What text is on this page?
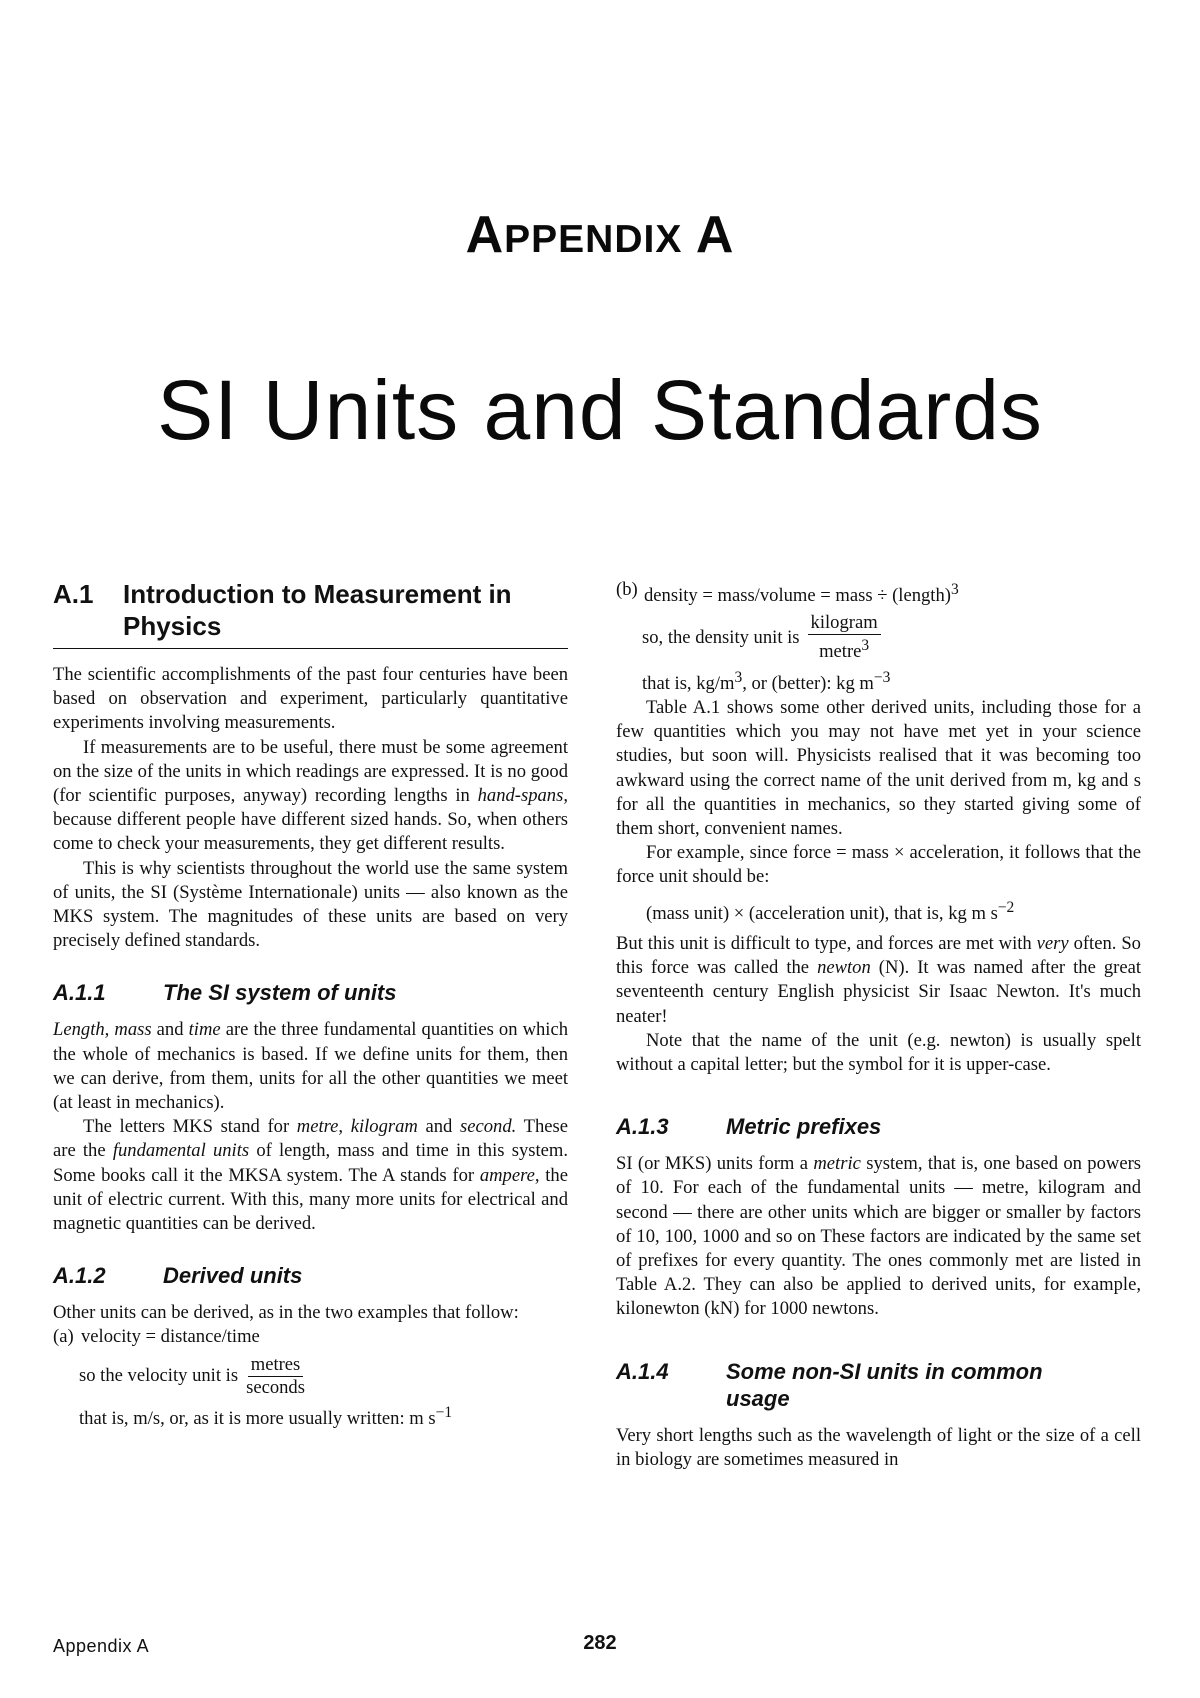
APPENDIX A
SI Units and Standards
A.1	Introduction to Measurement in
Physics

The scientific accomplishments of the past four centuries have been based on observation and experiment, particularly quantitative experiments involving measurements.

If measurements are to be useful, there must be some agreement on the size of the units in which readings are expressed. It is no good (for scientific purposes, anyway) recording lengths in hand-spans, because different people have different sized hands. So, when others come to check your measurements, they get different results.

This is why scientists throughout the world use the same system of units, the SI (Système Internationale) units — also known as the MKS system. The magnitudes of these units are based on very precisely defined standards.

A.1.1	The SI system of units

Length, mass and time are the three fundamental quantities on which the whole of mechanics is based. If we define units for them, then we can derive, from them, units for all the other quantities we meet (at least in mechanics).

The letters MKS stand for metre, kilogram and second. These are the fundamental units of length, mass and time in this system. Some books call it the MKSA system. The A stands for ampere, the unit of electric current. With this, many more units for electrical and magnetic quantities can be derived.

A.1.2	Derived units

Other units can be derived, as in the two examples that follow:

(a) velocity = distance/time
so the velocity unit is $\frac{\text{metres}}{\text{seconds}}$
that is, m/s, or, as it is more usually written: m $s^{-1}$
(b) density = mass/volume = mass ÷ (length)$^3$
so, the density unit is $\frac{\text{kilogram}}{metre^3}$
that is, $kg/m^3$, or (better): kg $m^{-3}$

Table A.1 shows some other derived units, including those for a few quantities which you may not have met yet in your science studies, but soon will. Physicists realised that it was becoming too awkward using the correct name of the unit derived from m, kg and s for all the quantities in mechanics, so they started giving some of them short, convenient names.

For example, since force = mass × acceleration, it follows that the force unit should be:

(mass unit) × (acceleration unit), that is, kg m $s^{-2}$

But this unit is difficult to type, and forces are met with very often. So this force was called the newton (N). It was named after the great seventeenth century English physicist Sir Isaac Newton. It's much neater!

Note that the name of the unit (e.g. newton) is usually spelt without a capital letter; but the symbol for it is upper-case.

A.1.3	Metric prefixes

SI (or MKS) units form a metric system, that is, one based on powers of 10. For each of the fundamental units — metre, kilogram and second — there are other units which are bigger or smaller by factors of 10, 100, 1000 and so on These factors are indicated by the same set of prefixes for every quantity. The ones commonly met are listed in Table A.2. They can also be applied to derived units, for example, kilonewton (kN) for 1000 newtons.

A.1.4	Some non-SI units in common
usage

Very short lengths such as the wavelength of light or the size of a cell in biology are sometimes measured in

Appendix A	282
